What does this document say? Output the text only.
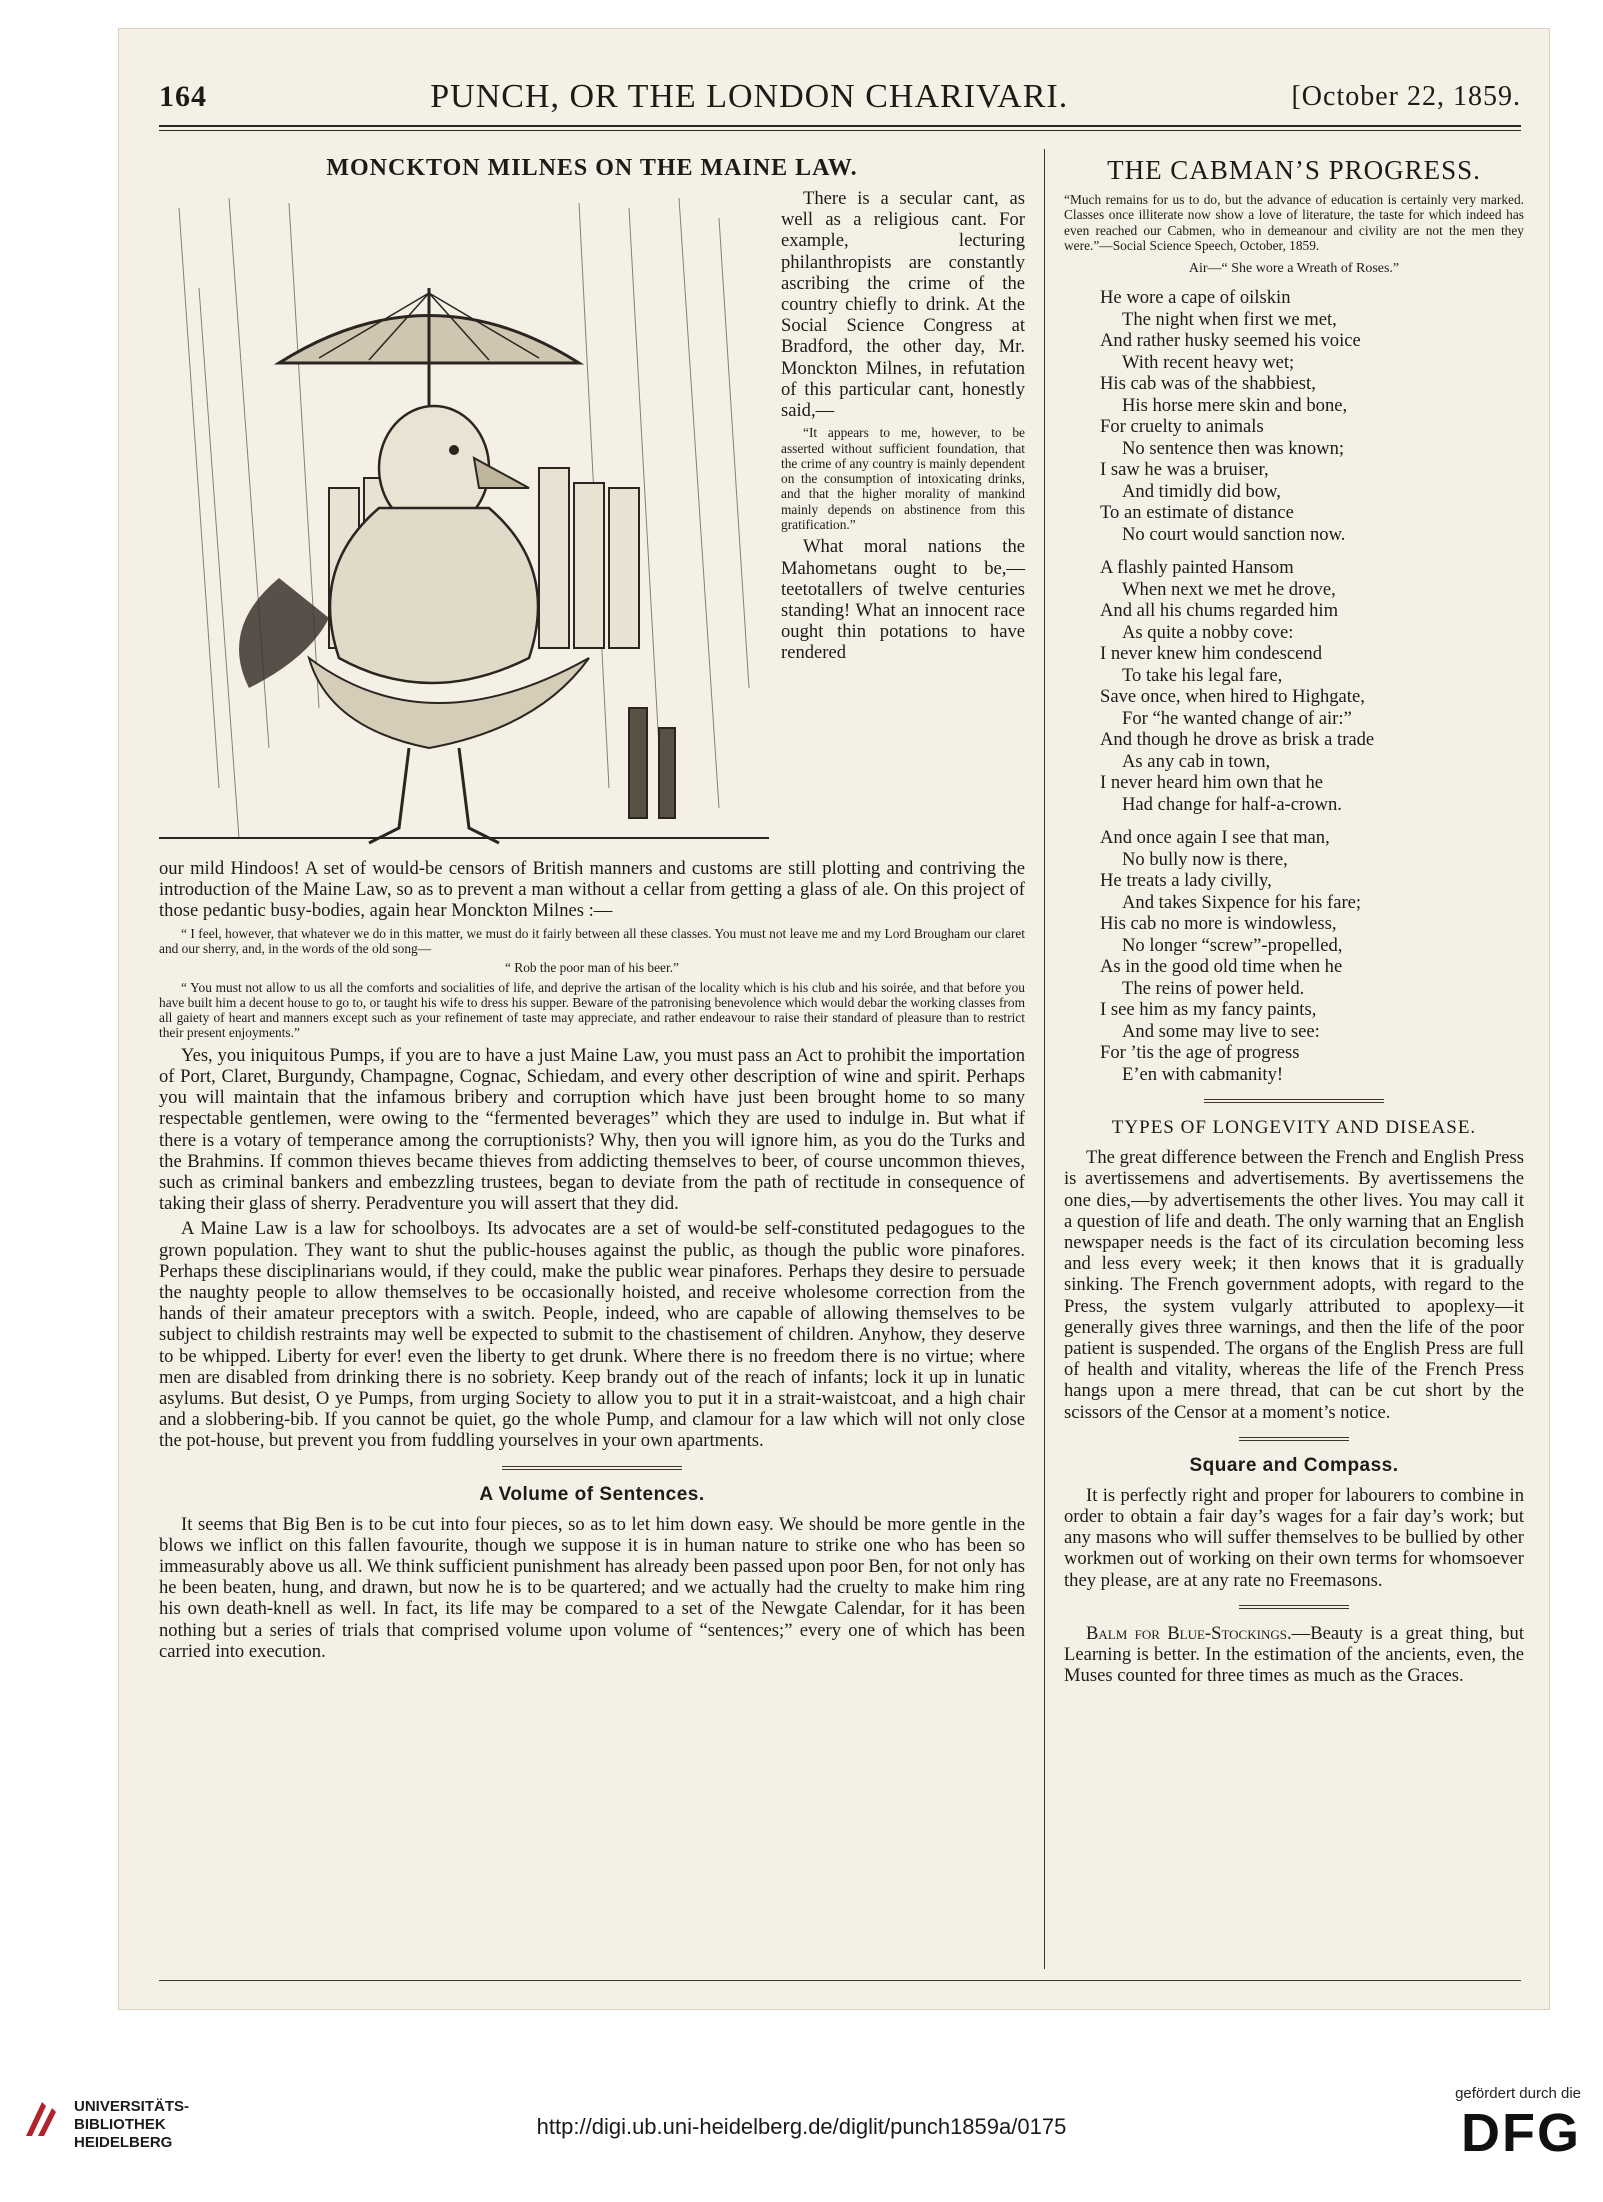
164	PUNCH, OR THE LONDON CHARIVARI.	[October 22, 1859.
MONCKTON MILNES ON THE MAINE LAW.

There is a secular cant, as well as a religious cant. For example, lecturing philanthropists are constantly ascribing the crime of the country chiefly to drink. At the Social Science Congress at Bradford, the other day, Mr. Monckton Milnes, in refutation of this particular cant, honestly said,—

“It appears to me, however, to be asserted without sufficient foundation, that the crime of any country is mainly dependent on the consumption of intoxicating drinks, and that the higher morality of mankind mainly depends on abstinence from this gratification.”

What moral nations the Mahometans ought to be,—teetotallers of twelve centuries standing! What an innocent race ought thin potations to have rendered

our mild Hindoos! A set of would-be censors of British manners and customs are still plotting and contriving the introduction of the Maine Law, so as to prevent a man without a cellar from getting a glass of ale. On this project of those pedantic busy-bodies, again hear Monckton Milnes :—

“ I feel, however, that whatever we do in this matter, we must do it fairly between all these classes. You must not leave me and my Lord Brougham our claret and our sherry, and, in the words of the old song—

“ Rob the poor man of his beer.”

“ You must not allow to us all the comforts and socialities of life, and deprive the artisan of the locality which is his club and his soirée, and that before you have built him a decent house to go to, or taught his wife to dress his supper. Beware of the patronising benevolence which would debar the working classes from all gaiety of heart and manners except such as your refinement of taste may appreciate, and rather endeavour to raise their standard of pleasure than to restrict their present enjoyments.”

Yes, you iniquitous Pumps, if you are to have a just Maine Law, you must pass an Act to prohibit the importation of Port, Claret, Burgundy, Champagne, Cognac, Schiedam, and every other description of wine and spirit. Perhaps you will maintain that the infamous bribery and corruption which have just been brought home to so many respectable gentlemen, were owing to the “fermented beverages” which they are used to indulge in. But what if there is a votary of temperance among the corruptionists? Why, then you will ignore him, as you do the Turks and the Brahmins. If common thieves became thieves from addicting themselves to beer, of course uncommon thieves, such as criminal bankers and embezzling trustees, began to deviate from the path of rectitude in consequence of taking their glass of sherry. Peradventure you will assert that they did.

A Maine Law is a law for schoolboys. Its advocates are a set of would-be self-constituted pedagogues to the grown population. They want to shut the public-houses against the public, as though the public wore pinafores. Perhaps these disciplinarians would, if they could, make the public wear pinafores. Perhaps they desire to persuade the naughty people to allow themselves to be occasionally hoisted, and receive wholesome correction from the hands of their amateur preceptors with a switch. People, indeed, who are capable of allowing themselves to be subject to childish restraints may well be expected to submit to the chastisement of children. Anyhow, they deserve to be whipped. Liberty for ever! even the liberty to get drunk. Where there is no freedom there is no virtue; where men are disabled from drinking there is no sobriety. Keep brandy out of the reach of infants; lock it up in lunatic asylums. But desist, O ye Pumps, from urging Society to allow you to put it in a strait-waistcoat, and a high chair and a slobbering-bib. If you cannot be quiet, go the whole Pump, and clamour for a law which will not only close the pot-house, but prevent you from fuddling yourselves in your own apartments.

A Volume of Sentences.

It seems that Big Ben is to be cut into four pieces, so as to let him down easy. We should be more gentle in the blows we inflict on this fallen favourite, though we suppose it is in human nature to strike one who has been so immeasurably above us all. We think sufficient punishment has already been passed upon poor Ben, for not only has he been beaten, hung, and drawn, but now he is to be quartered; and we actually had the cruelty to make him ring his own death-knell as well. In fact, its life may be compared to a set of the Newgate Calendar, for it has been nothing but a series of trials that comprised volume upon volume of “sentences;” every one of which has been carried into execution.

THE CABMAN’S PROGRESS.

“Much remains for us to do, but the advance of education is certainly very marked. Classes once illiterate now show a love of literature, the taste for which indeed has even reached our Cabmen, who in demeanour and civility are not the men they were.”—Social Science Speech, October, 1859.

Air—“ She wore a Wreath of Roses.”
He wore a cape of oilskin
The night when first we met,
And rather husky seemed his voice
With recent heavy wet;
His cab was of the shabbiest,
His horse mere skin and bone,
For cruelty to animals
No sentence then was known;
I saw he was a bruiser,
And timidly did bow,
To an estimate of distance
No court would sanction now.
A flashly painted Hansom
When next we met he drove,
And all his chums regarded him
As quite a nobby cove:
I never knew him condescend
To take his legal fare,
Save once, when hired to Highgate,
For “he wanted change of air:”
And though he drove as brisk a trade
As any cab in town,
I never heard him own that he
Had change for half-a-crown.
And once again I see that man,
No bully now is there,
He treats a lady civilly,
And takes Sixpence for his fare;
His cab no more is windowless,
No longer “screw”-propelled,
As in the good old time when he
The reins of power held.
I see him as my fancy paints,
And some may live to see:
For ’tis the age of progress
E’en with cabmanity!
TYPES OF LONGEVITY AND DISEASE.

The great difference between the French and English Press is avertissemens and advertisements. By avertissemens the one dies,—by advertisements the other lives. You may call it a question of life and death. The only warning that an English newspaper needs is the fact of its circulation becoming less and less every week; it then knows that it is gradually sinking. The French government adopts, with regard to the Press, the system vulgarly attributed to apoplexy—it generally gives three warnings, and then the life of the poor patient is suspended. The organs of the English Press are full of health and vitality, whereas the life of the French Press hangs upon a mere thread, that can be cut short by the scissors of the Censor at a moment’s notice.

Square and Compass.

It is perfectly right and proper for labourers to combine in order to obtain a fair day’s wages for a fair day’s work; but any masons who will suffer themselves to be bullied by other workmen out of working on their own terms for whomsoever they please, are at any rate no Freemasons.

Balm for Blue-Stockings.—Beauty is a great thing, but Learning is better. In the estimation of the ancients, even, the Muses counted for three times as much as the Graces.

UNIVERSITÄTS-
BIBLIOTHEK
HEIDELBERG
http://digi.ub.uni-heidelberg.de/diglit/punch1859a/0175
gefördert durch die
DFG
